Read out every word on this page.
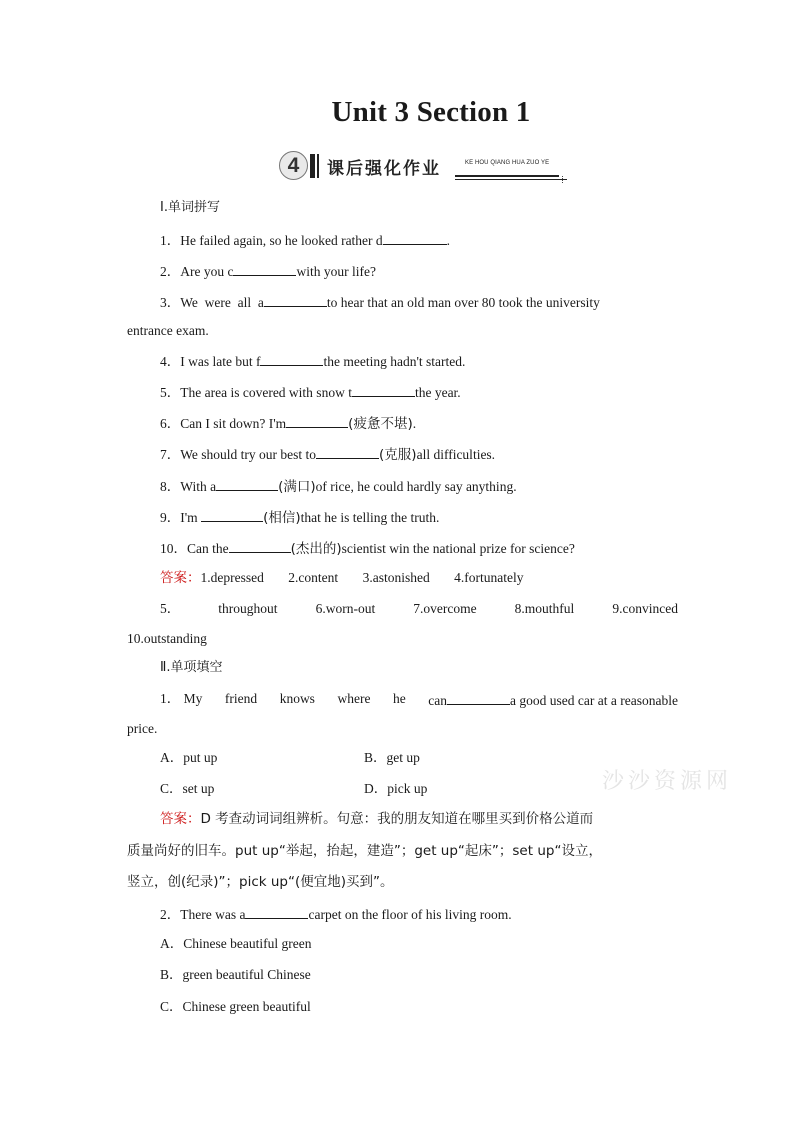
Unit 3 Section 1
4	课后强化作业	KE HOU QIANG HUA ZUO YE
Ⅰ.单词拼写
1．He failed again, so he looked rather d	.
2．Are you c	with your life?
3．We were all a	to hear that an old man over 80 took the university
entrance exam.
4．I was late but f	the meeting hadn't started.
5．The area is covered with snow t	the year.
6．Can I sit down? I'm	(疲惫不堪).
7．We should try our best to	(克服)all difficulties.
8．With a	(满口)of rice, he could hardly say anything.
9．I'm	(相信)that he is telling the truth.
10．Can the	(杰出的)scientist win the national prize for science?
答案：1.depressed 2.content 3.astonished 4.fortunately
5．	throughout	6.worn-out	7.overcome	8.mouthful	9.convinced
10.outstanding
Ⅱ.单项填空
1． My friend knows where he can	a good used car at a reasonable
price.
A．put up	B．get up
C．set up	D．pick up	沙沙资源网
答案：D 考查动词词组辨析。句意：我的朋友知道在哪里买到价格公道而
质量尚好的旧车。put up“举起，抬起，建造”；get up“起床”；set up“设立，
竖立，创(纪录)”；pick up“(便宜地)买到”。
2．There was a	carpet on the floor of his living room.
A．Chinese beautiful green
B．green beautiful Chinese
C．Chinese green beautiful
